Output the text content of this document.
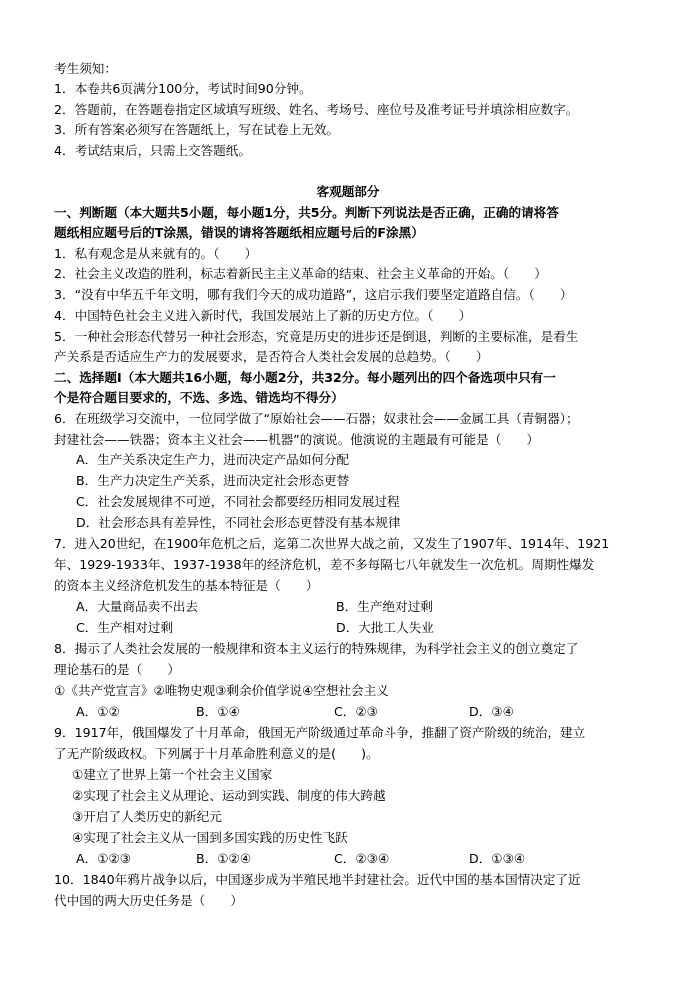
考生须知：
1．本卷共6页满分100分，考试时间90分钟。
2．答题前，在答题卷指定区域填写班级、姓名、考场号、座位号及准考证号并填涂相应数字。
3．所有答案必须写在答题纸上，写在试卷上无效。
4．考试结束后，只需上交答题纸。
客观题部分
一、判断题（本大题共5小题，每小题1分，共5分。判断下列说法是否正确，正确的请将答
题纸相应题号后的T涂黑，错误的请将答题纸相应题号后的F涂黑）
1．私有观念是从来就有的。（　　）
2．社会主义改造的胜利，标志着新民主主义革命的结束、社会主义革命的开始。（　　）
3．“没有中华五千年文明，哪有我们今天的成功道路”，这启示我们要坚定道路自信。（　　）
4．中国特色社会主义进入新时代，我国发展站上了新的历史方位。（　　）
5．一种社会形态代替另一种社会形态，究竟是历史的进步还是倒退，判断的主要标准，是看生
产关系是否适应生产力的发展要求，是否符合人类社会发展的总趋势。（　　）
二、选择题Ⅰ（本大题共16小题，每小题2分，共32分。每小题列出的四个备选项中只有一
个是符合题目要求的，不选、多选、错选均不得分）
6．在班级学习交流中，一位同学做了“原始社会——石器；奴隶社会——金属工具（青铜器）；
封建社会——铁器；资本主义社会——机器”的演说。他演说的主题最有可能是（　　）
A．生产关系决定生产力，进而决定产品如何分配
B．生产力决定生产关系，进而决定社会形态更替
C．社会发展规律不可逆，不同社会都要经历相同发展过程
D．社会形态具有差异性，不同社会形态更替没有基本规律
7．进入20世纪，在1900年危机之后，迄第二次世界大战之前，又发生了1907年、1914年、1921
年、1929-1933年、1937-1938年的经济危机，差不多每隔七八年就发生一次危机。周期性爆发
的资本主义经济危机发生的基本特征是（　　）
A．大量商品卖不出去	B．生产绝对过剩
C．生产相对过剩	D．大批工人失业
8．揭示了人类社会发展的一般规律和资本主义运行的特殊规律，为科学社会主义的创立奠定了
理论基石的是（　　）
①《共产党宣言》②唯物史观③剩余价值学说④空想社会主义
A．①②	B．①④	C．②③	D．③④
9．1917年，俄国爆发了十月革命，俄国无产阶级通过革命斗争，推翻了资产阶级的统治，建立
了无产阶级政权。下列属于十月革命胜利意义的是(　　)。
①建立了世界上第一个社会主义国家
②实现了社会主义从理论、运动到实践、制度的伟大跨越
③开启了人类历史的新纪元
④实现了社会主义从一国到多国实践的历史性飞跃
A．①②③	B．①②④	C．②③④	D．①③④
10．1840年鸦片战争以后，中国逐步成为半殖民地半封建社会。近代中国的基本国情决定了近
代中国的两大历史任务是（　　）
